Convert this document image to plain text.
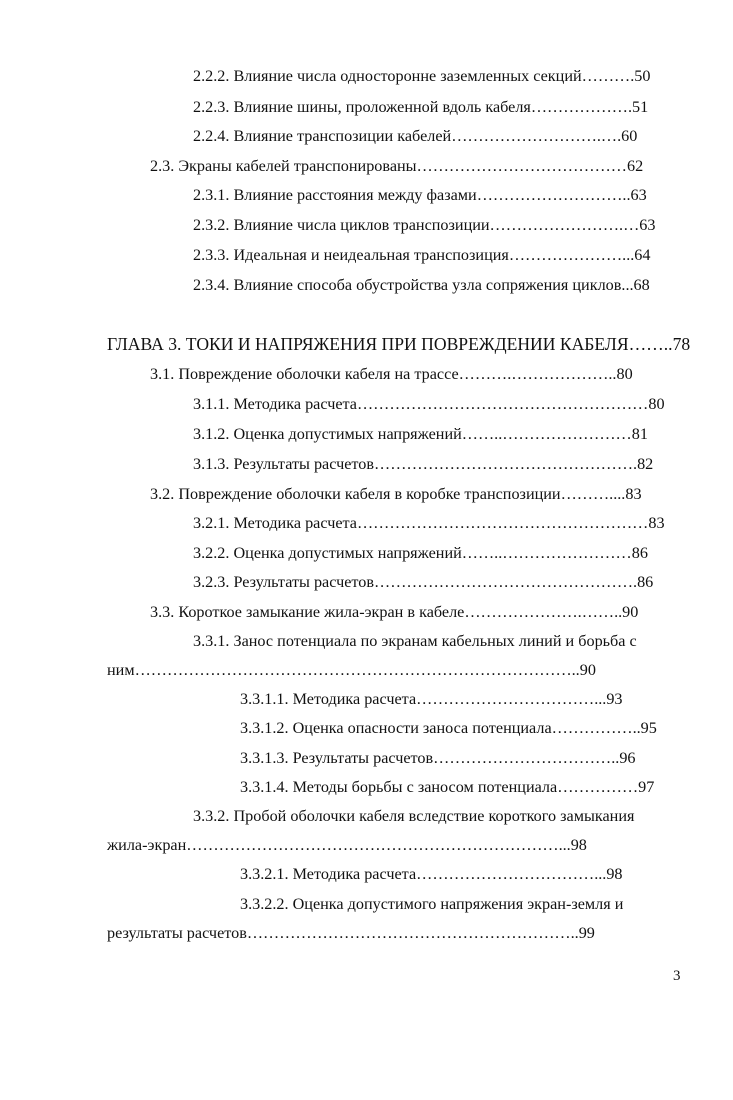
2.2.2. Влияние числа односторонне заземленных секций……….50
2.2.3. Влияние шины, проложенной вдоль кабеля……………….51
2.2.4. Влияние транспозиции кабелей……………………….….60
2.3. Экраны кабелей транспонированы…………………………………62
2.3.1. Влияние расстояния между фазами………………………..63
2.3.2. Влияние числа циклов транспозиции…………………….…63
2.3.3. Идеальная и неидеальная транспозиция…………………...64
2.3.4. Влияние способа обустройства узла сопряжения циклов...68
ГЛАВА 3. ТОКИ И НАПРЯЖЕНИЯ ПРИ ПОВРЕЖДЕНИИ КАБЕЛЯ……..78
3.1. Повреждение оболочки кабеля на трассе……….………………..80
3.1.1. Методика расчета………………………………………………80
3.1.2. Оценка допустимых напряжений……..……………………81
3.1.3. Результаты расчетов………………………………………….82
3.2. Повреждение оболочки кабеля в коробке транспозиции………....83
3.2.1. Методика расчета………………………………………………83
3.2.2. Оценка допустимых напряжений……..……………………86
3.2.3. Результаты расчетов………………………………………….86
3.3. Короткое замыкание жила-экран в кабеле………………….……..90
3.3.1. Занос потенциала по экранам кабельных линий и борьба с
ним………………………………………………………………………..90
3.3.1.1. Методика расчета……………………………...93
3.3.1.2. Оценка опасности заноса потенциала……………..95
3.3.1.3. Результаты расчетов……………………………..96
3.3.1.4. Методы борьбы с заносом потенциала……………97
3.3.2. Пробой оболочки кабеля вследствие короткого замыкания
жила-экран……………………………………………………………...98
3.3.2.1. Методика расчета……………………………...98
3.3.2.2. Оценка допустимого напряжения экран-земля и
результаты расчетов……………………………………………………..99
3
